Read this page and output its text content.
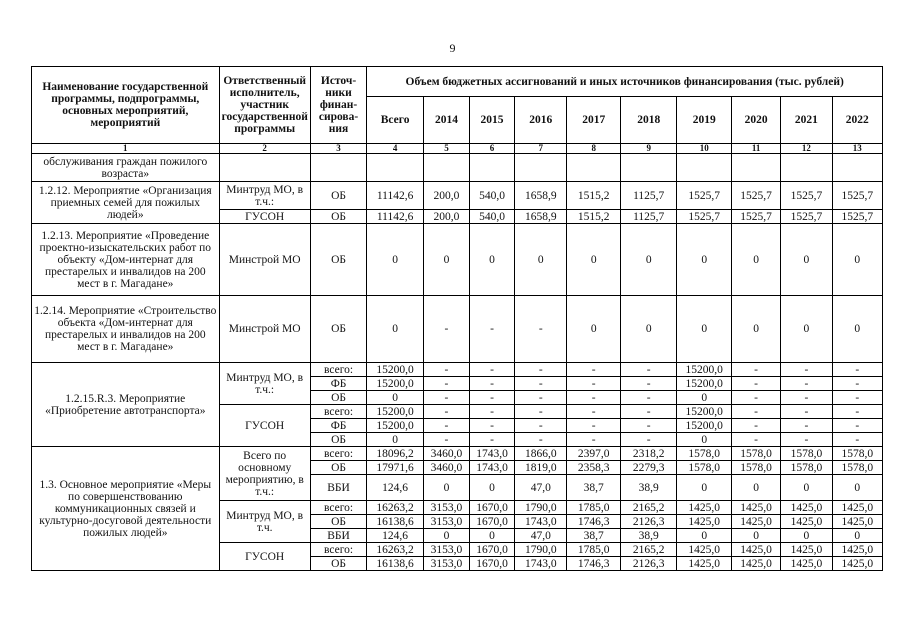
9
Наименование государственной программы, подпрограммы, основных мероприятий, мероприятий	Ответственный исполнитель, участник государственной программы	Источ-ники финан-сирова-ния	Объем бюджетных ассигнований и иных источников финансирования (тыс. рублей)									
			Всего	2014	2015	2016	2017	2018	2019	2020	2021	2022
1	2	3	4	5	6	7	8	9	10	11	12	13
обслуживания граждан пожилого возраста»												
1.2.12. Мероприятие «Организация приемных семей для пожилых людей»	Минтруд МО, в т.ч.:	ОБ	11142,6	200,0	540,0	1658,9	1515,2	1125,7	1525,7	1525,7	1525,7	1525,7
	ГУСОН	ОБ	11142,6	200,0	540,0	1658,9	1515,2	1125,7	1525,7	1525,7	1525,7	1525,7
1.2.13. Мероприятие «Проведение проектно-изыскательских работ по объекту «Дом-интернат для престарелых и инвалидов на 200 мест в г. Магадане»	Минстрой МО	ОБ	0	0	0	0	0	0	0	0	0	0
1.2.14. Мероприятие «Строительство объекта «Дом-интернат для престарелых и инвалидов на 200 мест в г. Магадане»	Минстрой МО	ОБ	0	-	-	-	0	0	0	0	0	0
1.2.15.R.3. Мероприятие «Приобретение автотранспорта»	Минтруд МО, в т.ч.:	всего:	15200,0	-	-	-	-	-	15200,0	-	-	-
		ФБ	15200,0	-	-	-	-	-	15200,0	-	-	-
		ОБ	0	-	-	-	-	-	0	-	-	-
	ГУСОН	всего:	15200,0	-	-	-	-	-	15200,0	-	-	-
		ФБ	15200,0	-	-	-	-	-	15200,0	-	-	-
		ОБ	0	-	-	-	-	-	0	-	-	-
1.3. Основное мероприятие «Меры по совершенствованию коммуникационных связей и культурно-досуговой деятельности пожилых людей»	Всего по основному мероприятию, в т.ч.:	всего:	18096,2	3460,0	1743,0	1866,0	2397,0	2318,2	1578,0	1578,0	1578,0	1578,0
		ОБ	17971,6	3460,0	1743,0	1819,0	2358,3	2279,3	1578,0	1578,0	1578,0	1578,0
		ВБИ	124,6	0	0	47,0	38,7	38,9	0	0	0	0
	Минтруд МО, в т.ч.	всего:	16263,2	3153,0	1670,0	1790,0	1785,0	2165,2	1425,0	1425,0	1425,0	1425,0
		ОБ	16138,6	3153,0	1670,0	1743,0	1746,3	2126,3	1425,0	1425,0	1425,0	1425,0
		ВБИ	124,6	0	0	47,0	38,7	38,9	0	0	0	0
	ГУСОН	всего:	16263,2	3153,0	1670,0	1790,0	1785,0	2165,2	1425,0	1425,0	1425,0	1425,0
		ОБ	16138,6	3153,0	1670,0	1743,0	1746,3	2126,3	1425,0	1425,0	1425,0	1425,0
